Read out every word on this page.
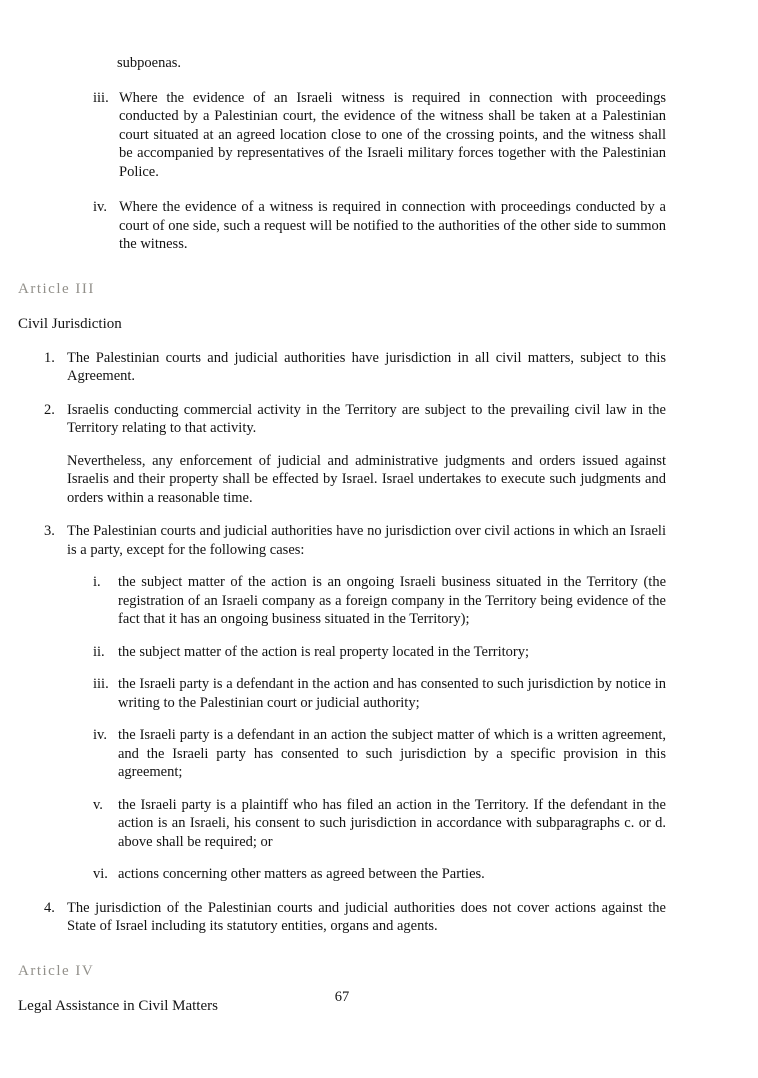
subpoenas.
iii. Where the evidence of an Israeli witness is required in connection with proceedings conducted by a Palestinian court, the evidence of the witness shall be taken at a Palestinian court situated at an agreed location close to one of the crossing points, and the witness shall be accompanied by representatives of the Israeli military forces together with the Palestinian Police.
iv. Where the evidence of a witness is required in connection with proceedings conducted by a court of one side, such a request will be notified to the authorities of the other side to summon the witness.
Article III
Civil Jurisdiction
1. The Palestinian courts and judicial authorities have jurisdiction in all civil matters, subject to this Agreement.
2. Israelis conducting commercial activity in the Territory are subject to the prevailing civil law in the Territory relating to that activity.
Nevertheless, any enforcement of judicial and administrative judgments and orders issued against Israelis and their property shall be effected by Israel. Israel undertakes to execute such judgments and orders within a reasonable time.
3. The Palestinian courts and judicial authorities have no jurisdiction over civil actions in which an Israeli is a party, except for the following cases:
i.	the subject matter of the action is an ongoing Israeli business situated in the Territory (the registration of an Israeli company as a foreign company in the Territory being evidence of the fact that it has an ongoing business situated in the Territory);
ii. the subject matter of the action is real property located in the Territory;
iii. the Israeli party is a defendant in the action and has consented to such jurisdiction by notice in writing to the Palestinian court or judicial authority;
iv. the Israeli party is a defendant in an action the subject matter of which is a written agreement, and the Israeli party has consented to such jurisdiction by a specific provision in this agreement;
v.	the Israeli party is a plaintiff who has filed an action in the Territory. If the defendant in the action is an Israeli, his consent to such jurisdiction in accordance with subparagraphs c. or d. above shall be required; or
vi. actions concerning other matters as agreed between the Parties.
4. The jurisdiction of the Palestinian courts and judicial authorities does not cover actions against the State of Israel including its statutory entities, organs and agents.
Article IV
Legal Assistance in Civil Matters
67
